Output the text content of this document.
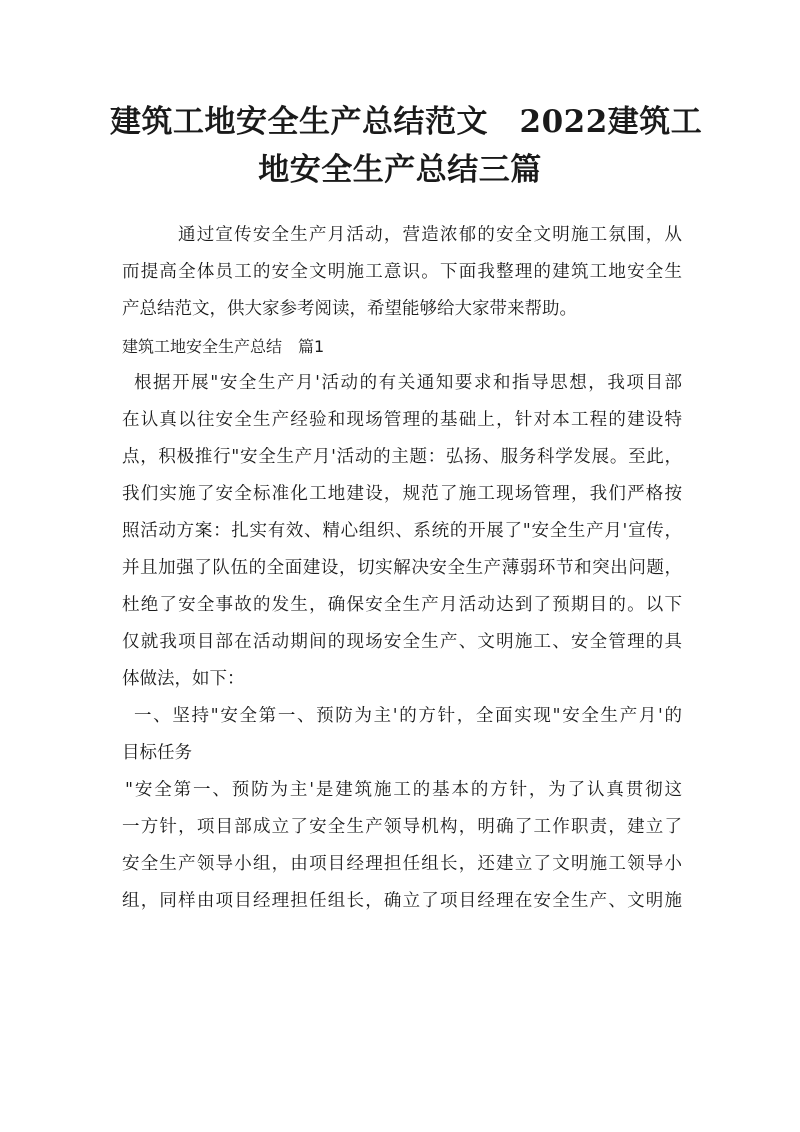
建筑工地安全生产总结范文　2022建筑工
地安全生产总结三篇
通过宣传安全生产月活动，营造浓郁的安全文明施工氛围，从
而提高全体员工的安全文明施工意识。下面我整理的建筑工地安全生
产总结范文，供大家参考阅读，希望能够给大家带来帮助。
建筑工地安全生产总结　篇1
根据开展"安全生产月'活动的有关通知要求和指导思想，我项目部
在认真以往安全生产经验和现场管理的基础上，针对本工程的建设特
点，积极推行"安全生产月'活动的主题：弘扬、服务科学发展。至此，
我们实施了安全标准化工地建设，规范了施工现场管理，我们严格按
照活动方案：扎实有效、精心组织、系统的开展了"安全生产月'宣传，
并且加强了队伍的全面建设，切实解决安全生产薄弱环节和突出问题，
杜绝了安全事故的发生，确保安全生产月活动达到了预期目的。以下
仅就我项目部在活动期间的现场安全生产、文明施工、安全管理的具
体做法，如下：
一、坚持"安全第一、预防为主'的方针，全面实现"安全生产月'的
目标任务
"安全第一、预防为主'是建筑施工的基本的方针，为了认真贯彻这
一方针，项目部成立了安全生产领导机构，明确了工作职责，建立了
安全生产领导小组，由项目经理担任组长，还建立了文明施工领导小
组，同样由项目经理担任组长，确立了项目经理在安全生产、文明施
